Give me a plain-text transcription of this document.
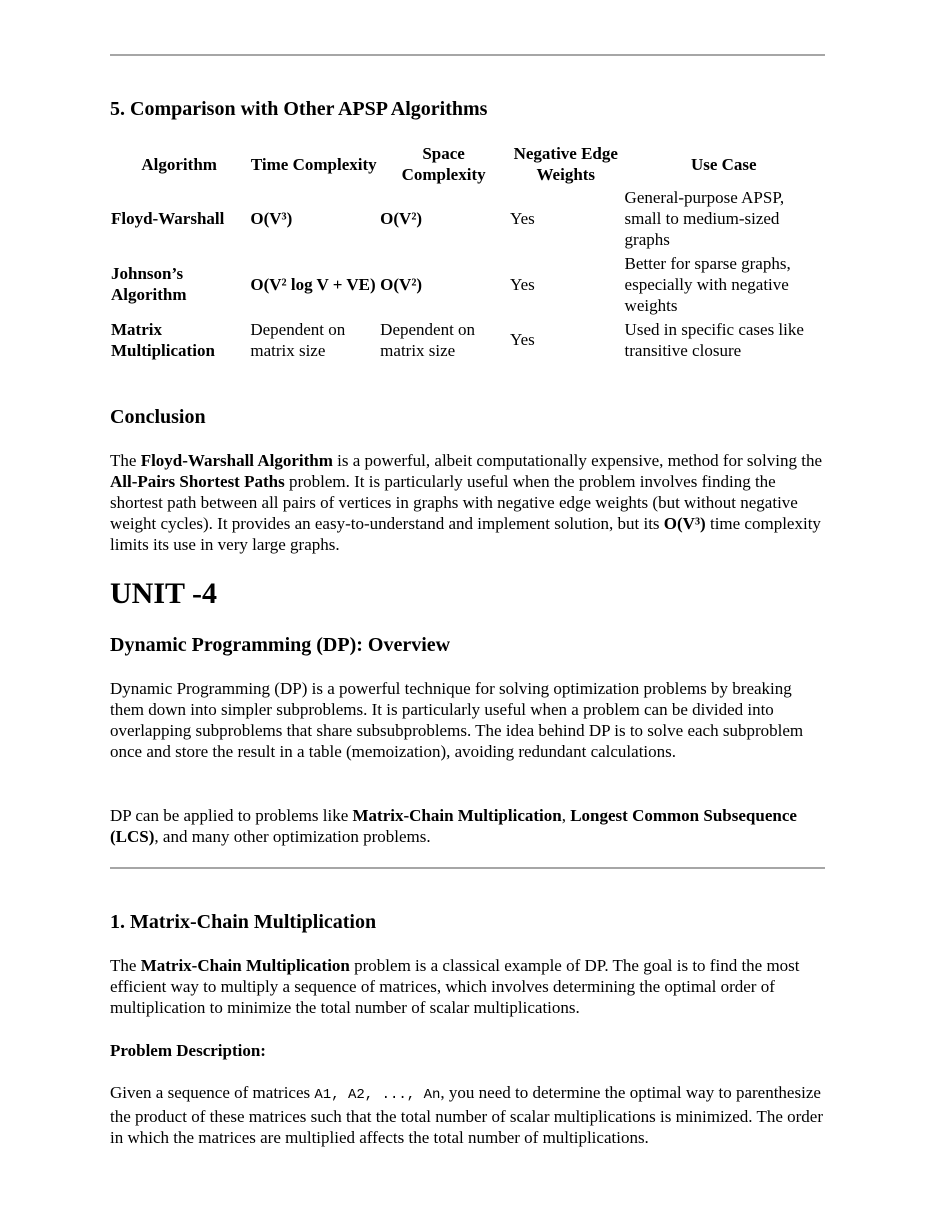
5. Comparison with Other APSP Algorithms
Algorithm	Time Complexity	Space Complexity	Negative Edge Weights	Use Case
Floyd-Warshall	O(V³)	O(V²)	Yes	General-purpose APSP, small to medium-sized graphs
Johnson’s Algorithm	O(V² log V + VE)	O(V²)	Yes	Better for sparse graphs, especially with negative weights
Matrix Multiplication	Dependent on matrix size	Dependent on matrix size	Yes	Used in specific cases like transitive closure
Conclusion

The Floyd-Warshall Algorithm is a powerful, albeit computationally expensive, method for solving the All-Pairs Shortest Paths problem. It is particularly useful when the problem involves finding the shortest path between all pairs of vertices in graphs with negative edge weights (but without negative weight cycles). It provides an easy-to-understand and implement solution, but its O(V³) time complexity limits its use in very large graphs.

UNIT -4
Dynamic Programming (DP): Overview

Dynamic Programming (DP) is a powerful technique for solving optimization problems by breaking them down into simpler subproblems. It is particularly useful when a problem can be divided into overlapping subproblems that share subsubproblems. The idea behind DP is to solve each subproblem once and store the result in a table (memoization), avoiding redundant calculations.

DP can be applied to problems like Matrix-Chain Multiplication, Longest Common Subsequence (LCS), and many other optimization problems.

1. Matrix-Chain Multiplication

The Matrix-Chain Multiplication problem is a classical example of DP. The goal is to find the most efficient way to multiply a sequence of matrices, which involves determining the optimal order of multiplication to minimize the total number of scalar multiplications.

Problem Description:

Given a sequence of matrices A1, A2, ..., An, you need to determine the optimal way to parenthesize the product of these matrices such that the total number of scalar multiplications is minimized. The order in which the matrices are multiplied affects the total number of multiplications.
